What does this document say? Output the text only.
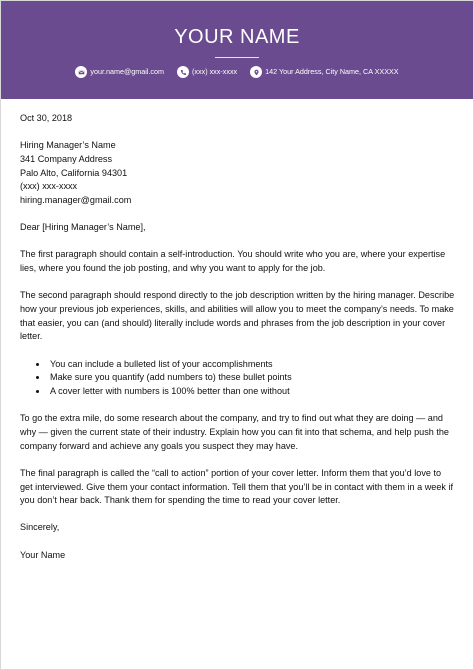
YOUR NAME
your.name@gmail.com	(xxx) xxx-xxxx	142 Your Address, City Name, CA XXXXX

Oct 30, 2018

Hiring Manager’s Name

341 Company Address

Palo Alto, California 94301

(xxx) xxx-xxxx

hiring.manager@gmail.com

Dear [Hiring Manager’s Name],

The first paragraph should contain a self-introduction. You should write who you are, where your expertise lies, where you found the job posting, and why you want to apply for the job.

The second paragraph should respond directly to the job description written by the hiring manager. Describe how your previous job experiences, skills, and abilities will allow you to meet the company’s needs. To make that easier, you can (and should) literally include words and phrases from the job description in your cover letter.

• You can include a bulleted list of your accomplishments
• Make sure you quantify (add numbers to) these bullet points
• A cover letter with numbers is 100% better than one without

To go the extra mile, do some research about the company, and try to find out what they are doing — and why — given the current state of their industry. Explain how you can fit into that schema, and help push the company forward and achieve any goals you suspect they may have.

The final paragraph is called the “call to action” portion of your cover letter. Inform them that you’d love to get interviewed. Give them your contact information. Tell them that you’ll be in contact with them in a week if you don’t hear back. Thank them for spending the time to read your cover letter.

Sincerely,

Your Name
